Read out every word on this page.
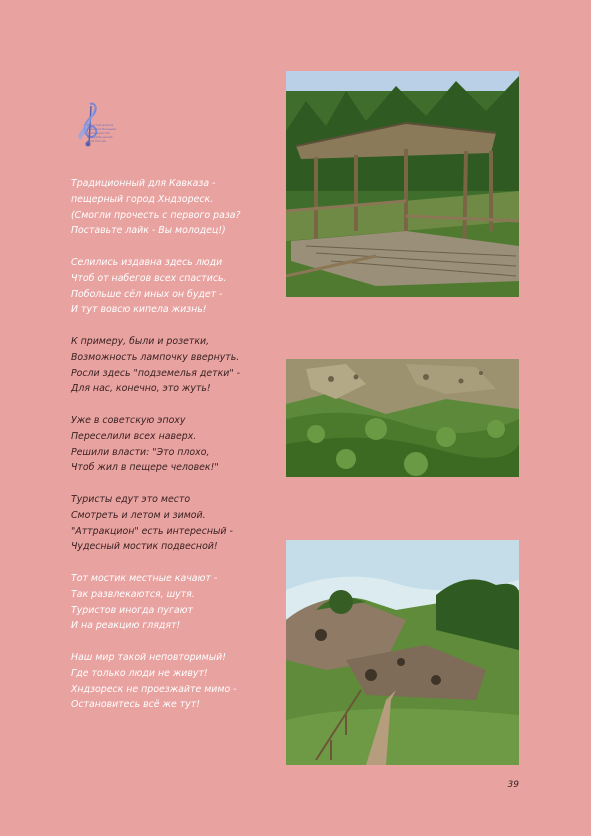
О чистой дороге
и многих больших
возможностях
и дружбе детей
всей России
Традиционный для Кавказа -
пещерный город Хндзореск.
(Смогли прочесть с первого раза?
Поставьте лайк - Вы молодец!)
Селились издавна здесь люди
Чтоб от набегов всех спастись.
Побольше сёл иных он будет -
И тут вовсю кипела жизнь!
К примеру, были и розетки,
Возможность лампочку ввернуть.
Росли здесь "подземелья детки" -
Для нас, конечно, это жуть!
Уже в советскую эпоху
Переселили всех наверх.
Решили власти: "Это плохо,
Чтоб жил в пещере человек!"
Туристы едут это место
Смотреть и летом и зимой.
"Аттракцион" есть интересный -
Чудесный мостик подвесной!
Тот мостик местные качают -
Так развлекаются, шутя.
Туристов иногда пугают
И на реакцию глядят!
Наш мир такой неповторимый!
Где только люди не живут!
Хндзореск не проезжайте мимо -
Остановитесь всё же тут!
39
